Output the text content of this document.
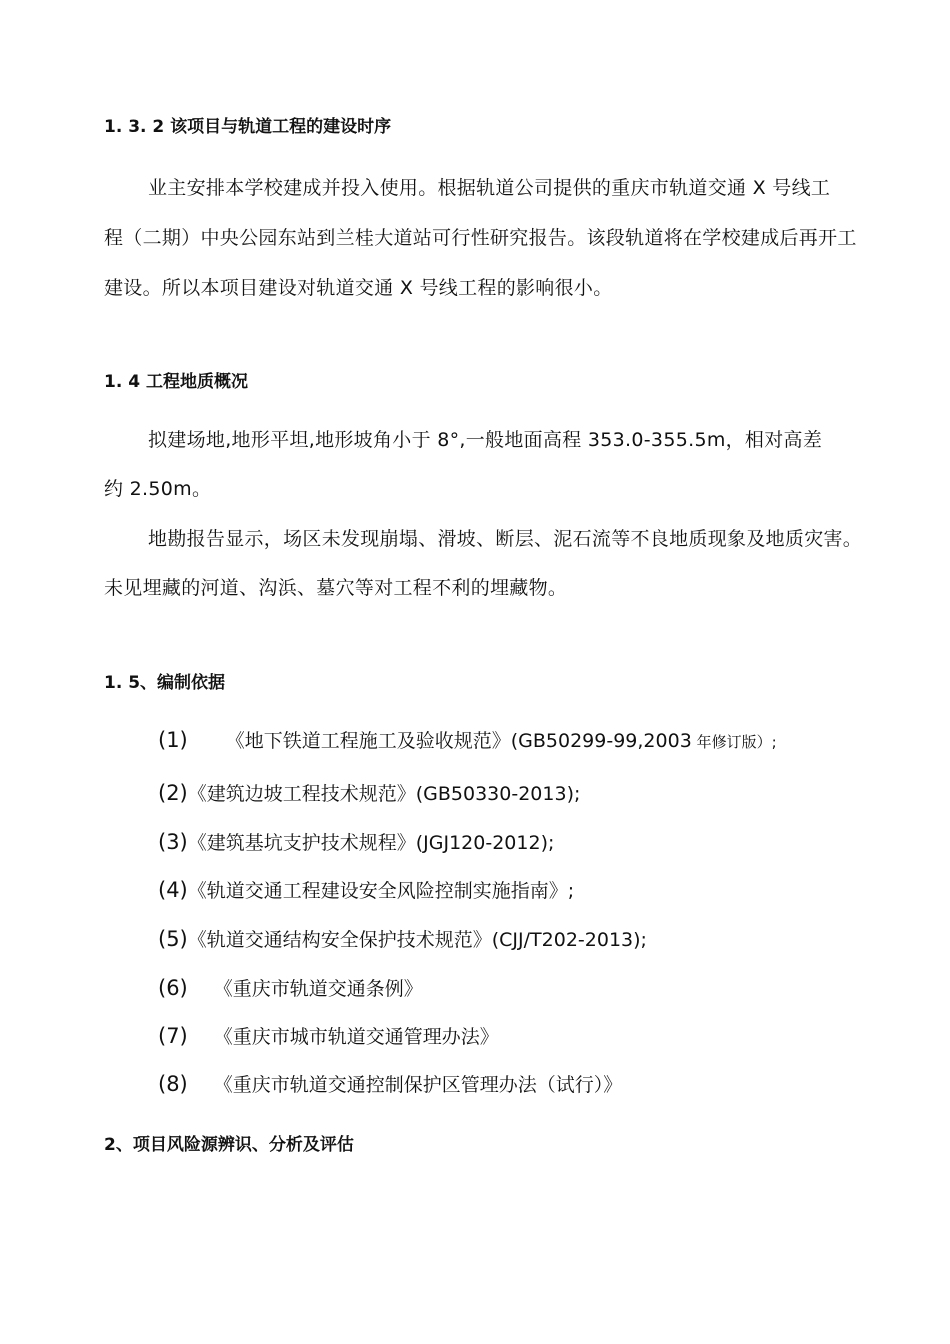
1. 3. 2 该项目与轨道工程的建设时序
业主安排本学校建成并投入使用。根据轨道公司提供的重庆市轨道交通 X 号线工
程（二期）中央公园东站到兰桂大道站可行性研究报告。该段轨道将在学校建成后再开工
建设。所以本项目建设对轨道交通 X 号线工程的影响很小。
1. 4 工程地质概况
拟建场地,地形平坦,地形坡角小于 8°,一般地面高程 353.0-355.5m，相对高差
约 2.50m。
地勘报告显示，场区未发现崩塌、滑坡、断层、泥石流等不良地质现象及地质灾害。
未见埋藏的河道、沟浜、墓穴等对工程不利的埋藏物。
1. 5、编制依据
(1) 《地下铁道工程施工及验收规范》(GB50299-99,2003 年修订版）;
(2)《建筑边坡工程技术规范》(GB50330-2013);
(3)《建筑基坑支护技术规程》(JGJ120-2012);
(4)《轨道交通工程建设安全风险控制实施指南》;
(5)《轨道交通结构安全保护技术规范》(CJJ/T202-2013);
(6) 《重庆市轨道交通条例》
(7) 《重庆市城市轨道交通管理办法》
(8) 《重庆市轨道交通控制保护区管理办法（试行）》
2、项目风险源辨识、分析及评估
